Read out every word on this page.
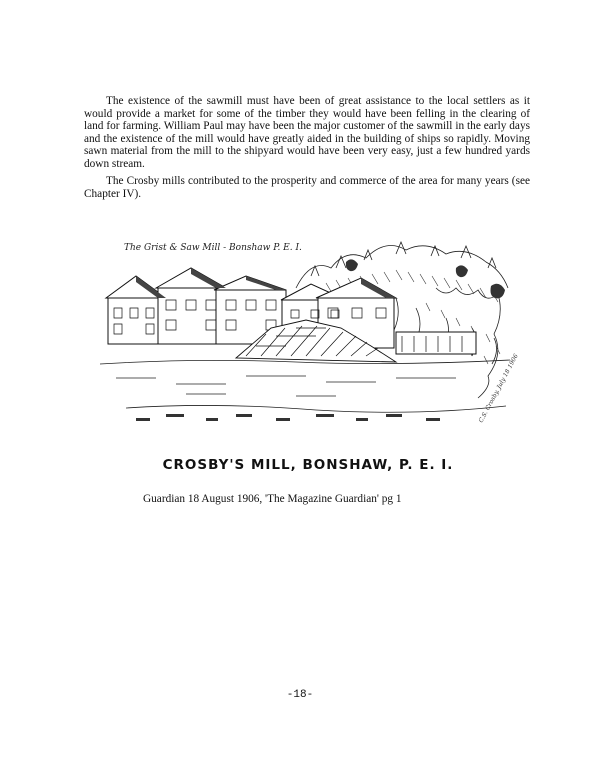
The existence of the sawmill must have been of great assistance to the local settlers as it would provide a market for some of the timber they would have been felling in the clearing of land for farming. William Paul may have been the major customer of the sawmill in the early days and the existence of the mill would have greatly aided in the building of ships so rapidly. Moving sawn material from the mill to the shipyard would have been very easy, just a few hundred yards down stream.
The Crosby mills contributed to the prosperity and commerce of the area for many years (see Chapter IV).
The Grist & Saw Mill - Bonshaw P. E. I.
C.S. Crosby, July 18 1906
CROSBY'S MILL, BONSHAW, P. E. I.
Guardian 18 August 1906, 'The Magazine Guardian' pg 1
-18-
